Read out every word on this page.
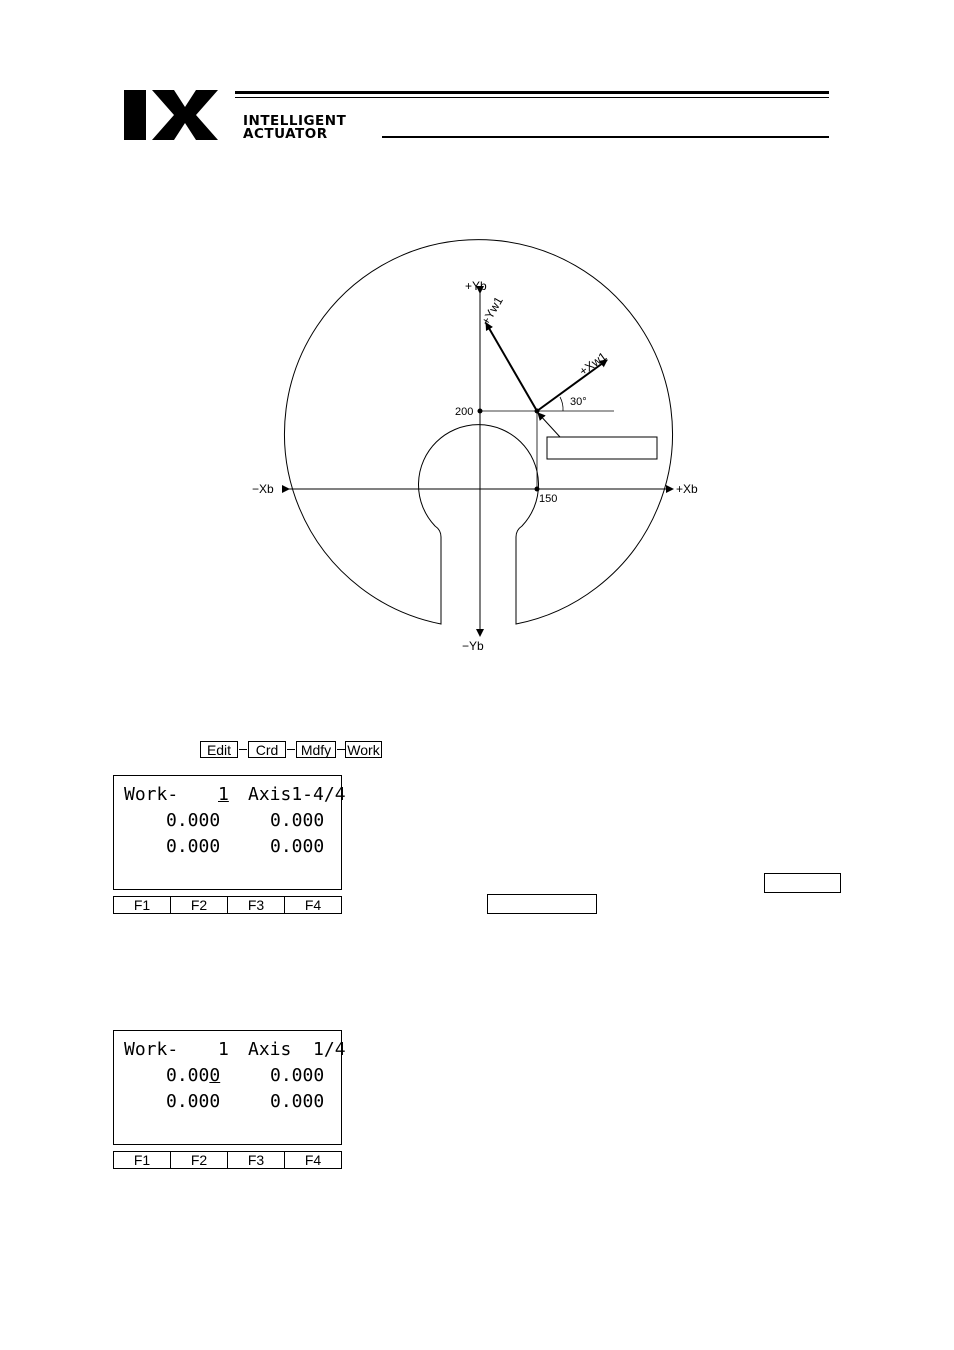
INTELLIGENT
ACTUATOR
+Yb
−Yb
+Xb
−Xb
+Yw1
+Xw1
200
150
30°
Edit	Crd	Mdfy	Work
Work- 1 Axis1-4/4
0.000	0.000
0.000	0.000
F1	F2	F3	F4
Work- 1 Axis  1/4
0.000	0.000
0.000	0.000
F1	F2	F3	F4
